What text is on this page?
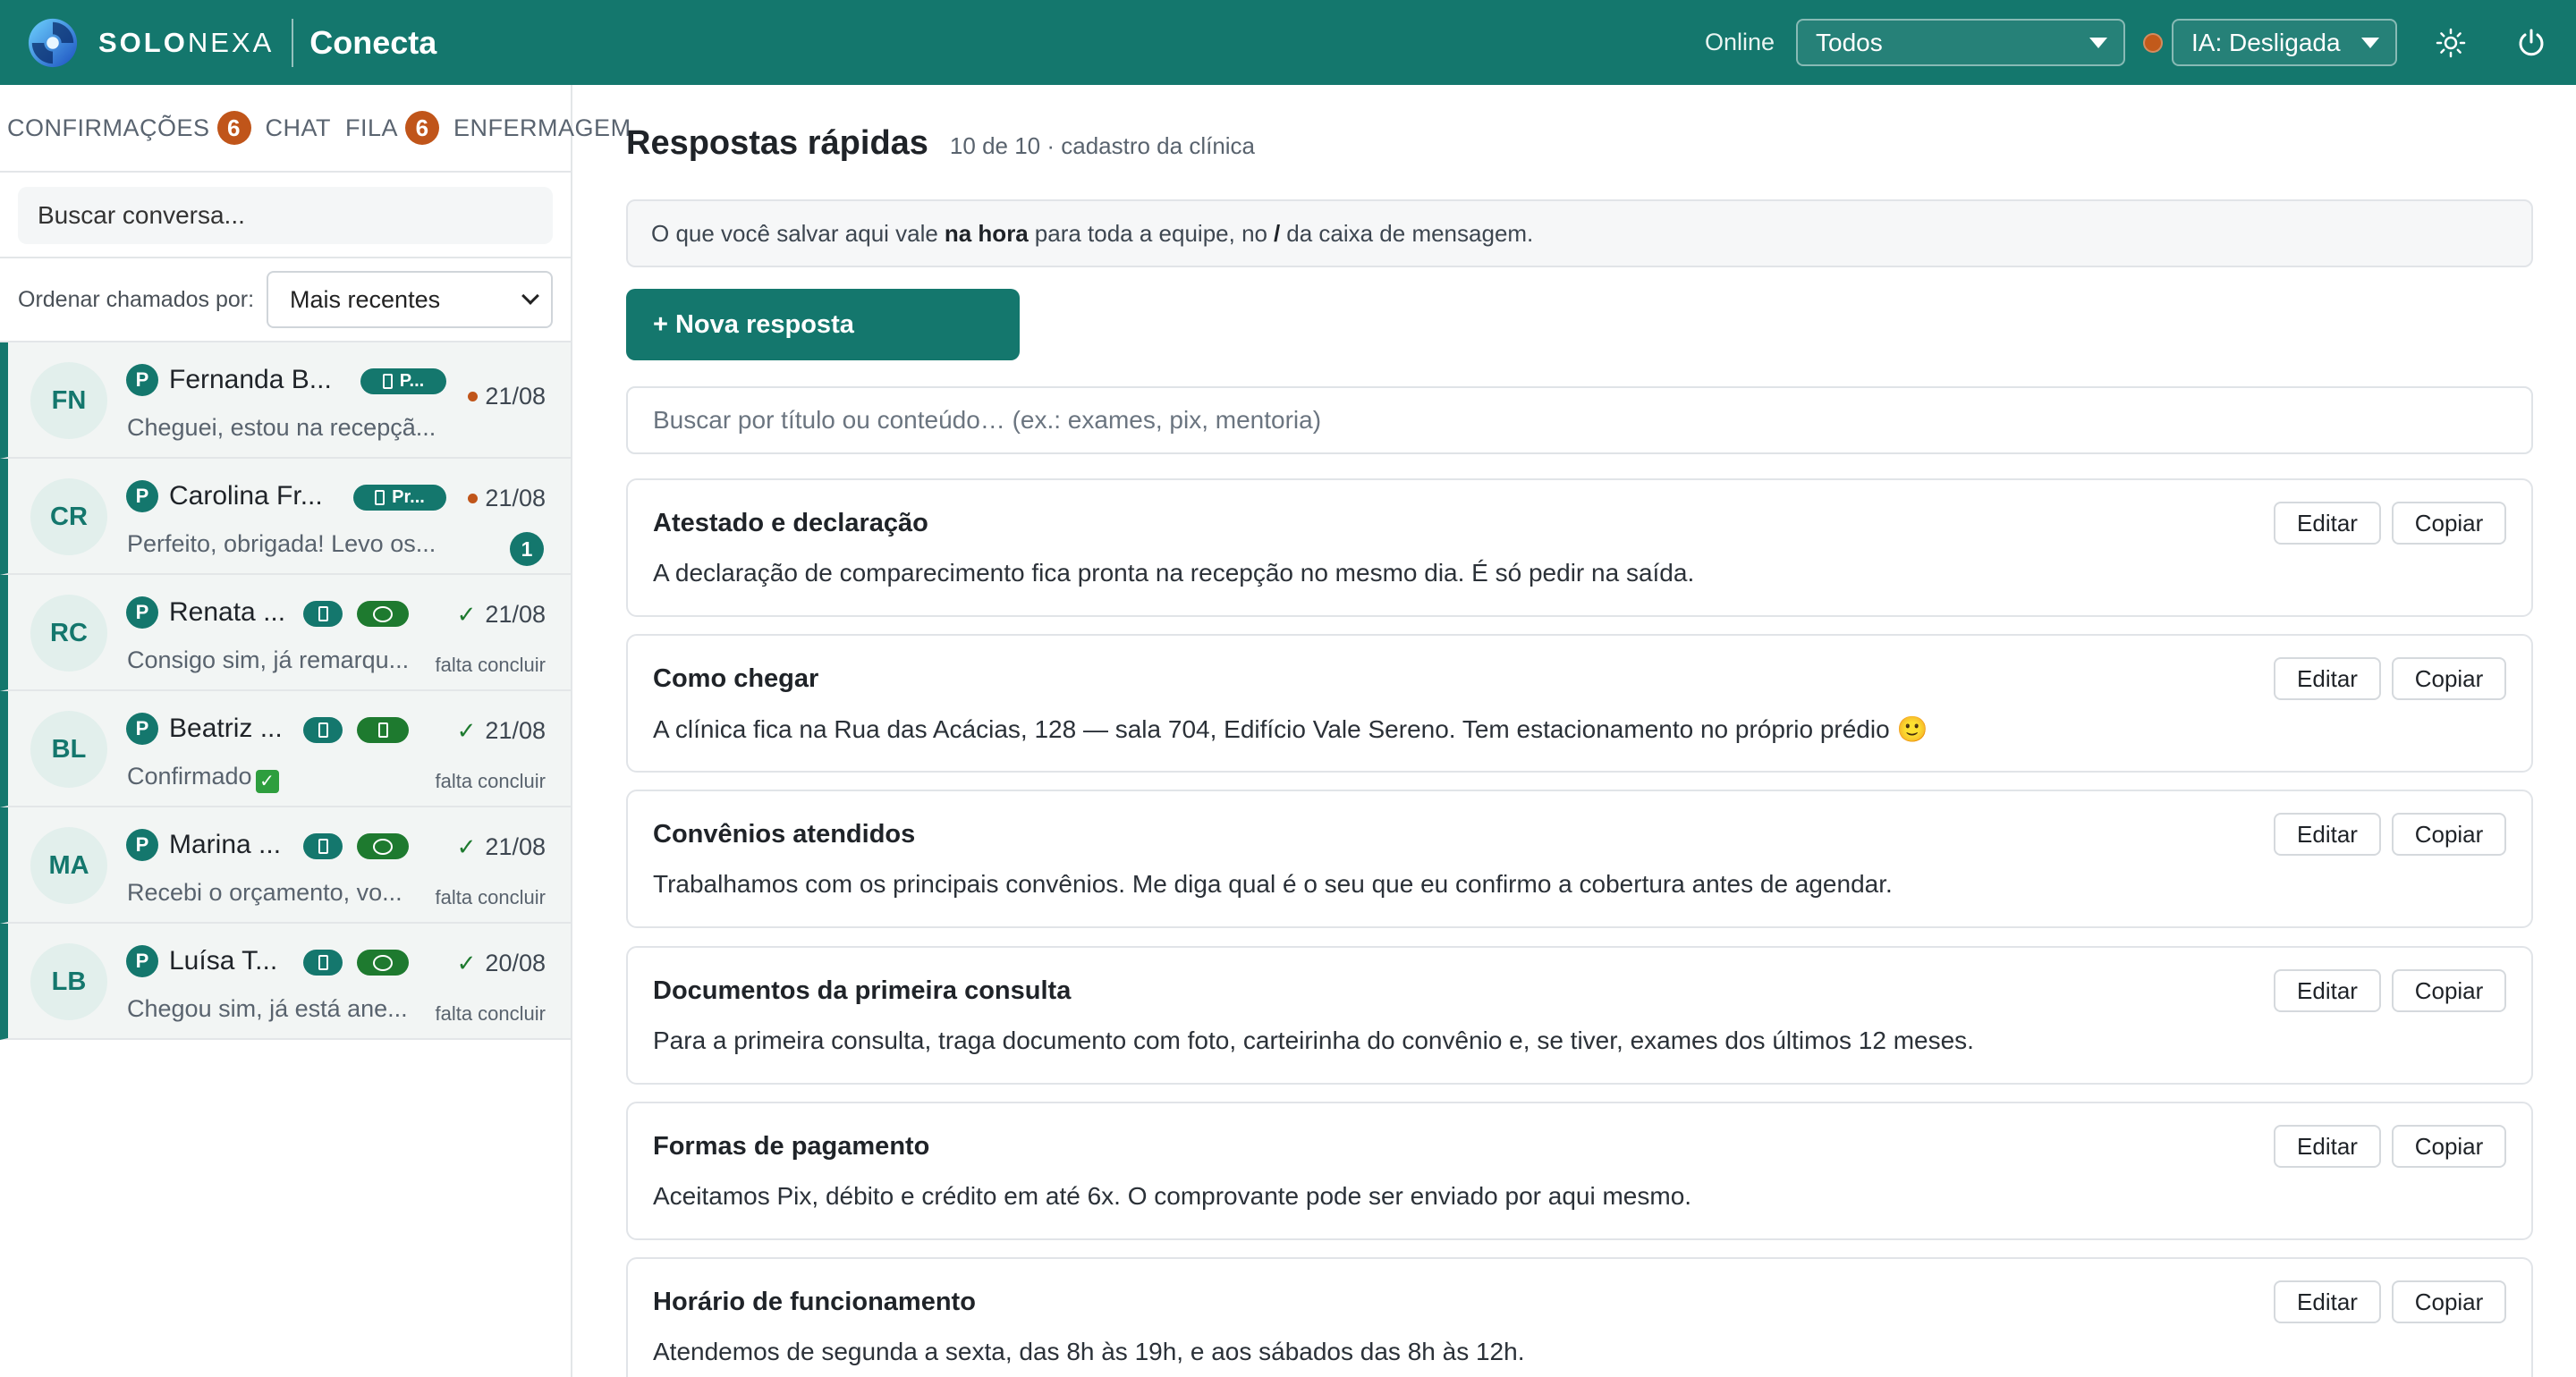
SOLONEXA Conecta	Online Todos	IA: Desligada
CONFIRMAÇÕES 6	CHAT FILA 6	ENFERMAGEM
Buscar conversa...
Ordenar chamados por: Mais recentes
FN
P Fernanda B...	P...
21/08
Cheguei, estou na recepçã...
CR
P Carolina Fr...	Pr...	21/08
Perfeito, obrigada! Levo os...	1
RC
P Renata ...	✓ 21/08
Consigo sim, já remarqu... falta concluir
BL
P Beatriz ...	✓ 21/08
Confirmado ✓	falta concluir
MA
P Marina ...	✓ 21/08
Recebi o orçamento, vo... falta concluir
LB
P Luísa T...	✓ 20/08
Chegou sim, já está ane... falta concluir
Respostas rápidas 10 de 10 · cadastro da clínica
O que você salvar aqui vale na hora para toda a equipe, no / da caixa de mensagem.
+ Nova resposta
Buscar por título ou conteúdo… (ex.: exames, pix, mentoria)
Atestado e declaração	Editar	Copiar
A declaração de comparecimento fica pronta na recepção no mesmo dia. É só pedir na saída.
Como chegar	Editar	Copiar
A clínica fica na Rua das Acácias, 128 — sala 704, Edifício Vale Sereno. Tem estacionamento no próprio prédio 🙂
Convênios atendidos	Editar	Copiar
Trabalhamos com os principais convênios. Me diga qual é o seu que eu confirmo a cobertura antes de agendar.
Documentos da primeira consulta	Editar	Copiar
Para a primeira consulta, traga documento com foto, carteirinha do convênio e, se tiver, exames dos últimos 12 meses.
Formas de pagamento	Editar	Copiar
Aceitamos Pix, débito e crédito em até 6x. O comprovante pode ser enviado por aqui mesmo.
Horário de funcionamento	Editar	Copiar
Atendemos de segunda a sexta, das 8h às 19h, e aos sábados das 8h às 12h.
